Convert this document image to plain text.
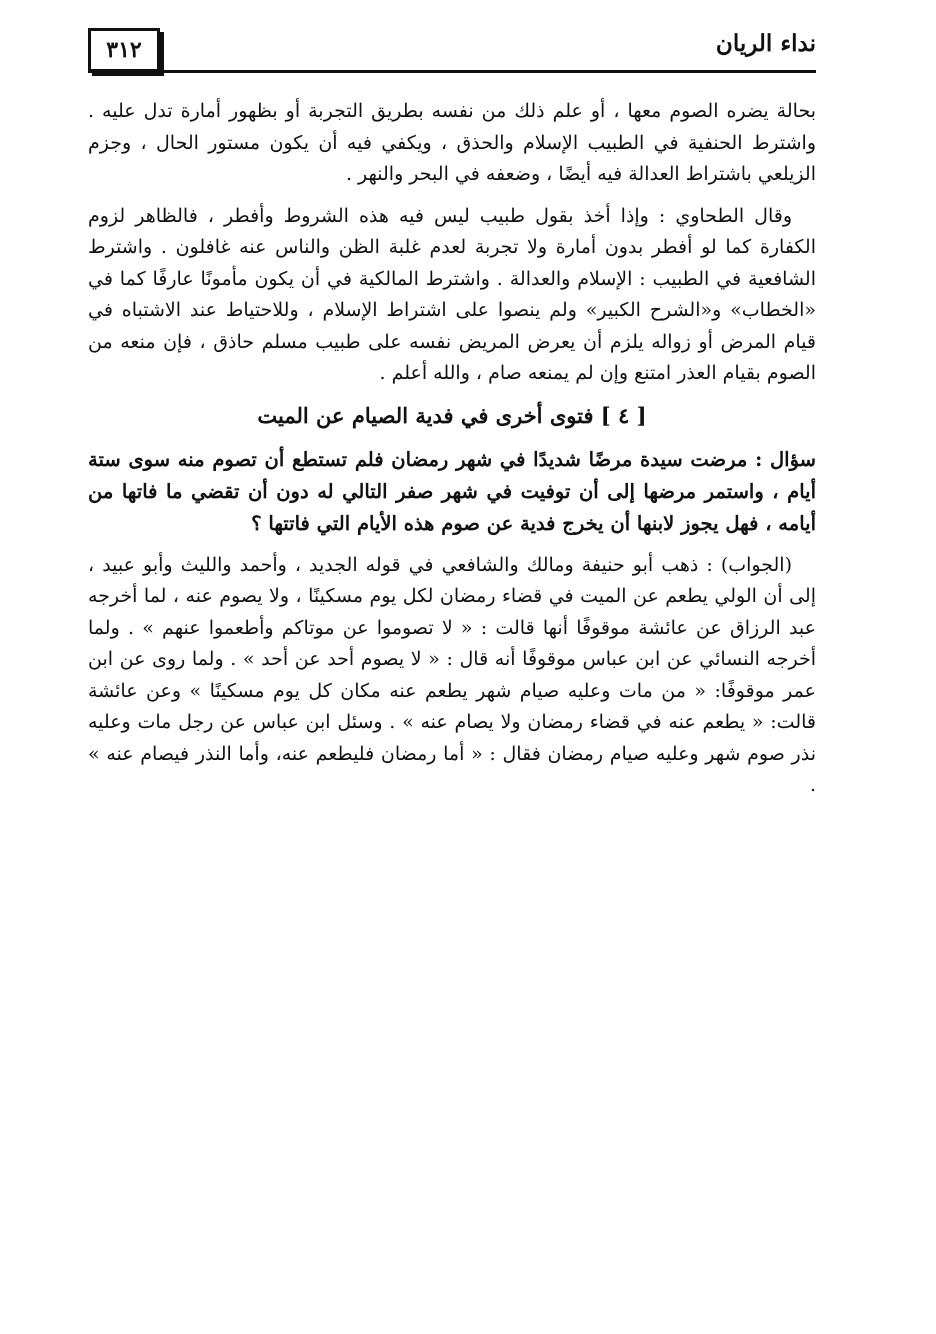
نداء الريان
٣١٢

بحالة يضره الصوم معها ، أو علم ذلك من نفسه بطريق التجربة أو بظهور أمارة تدل عليه . واشترط الحنفية في الطبيب الإسلام والحذق ، ويكفي فيه أن يكون مستور الحال ، وجزم الزيلعي باشتراط العدالة فيه أيضًا ، وضعفه في البحر والنهر .

وقال الطحاوي : وإذا أخذ بقول طبيب ليس فيه هذه الشروط وأفطر ، فالظاهر لزوم الكفارة كما لو أفطر بدون أمارة ولا تجربة لعدم غلبة الظن والناس عنه غافلون . واشترط الشافعية في الطبيب : الإسلام والعدالة . واشترط المالكية في أن يكون مأمونًا عارفًا كما في «الخطاب» و«الشرح الكبير» ولم ينصوا على اشتراط الإسلام ، وللاحتياط عند الاشتباه في قيام المرض أو زواله يلزم أن يعرض المريض نفسه على طبيب مسلم حاذق ، فإن منعه من الصوم بقيام العذر امتنع وإن لم يمنعه صام ، والله أعلم .

[ ٤ ] فتوى أخرى في فدية الصيام عن الميت

سؤال : مرضت سيدة مرضًا شديدًا في شهر رمضان فلم تستطع أن تصوم منه سوى ستة أيام ، واستمر مرضها إلى أن توفيت في شهر صفر التالي له دون أن تقضي ما فاتها من أيامه ، فهل يجوز لابنها أن يخرج فدية عن صوم هذه الأيام التي فاتتها ؟

(الجواب) : ذهب أبو حنيفة ومالك والشافعي في قوله الجديد ، وأحمد والليث وأبو عبيد ، إلى أن الولي يطعم عن الميت في قضاء رمضان لكل يوم مسكينًا ، ولا يصوم عنه ، لما أخرجه عبد الرزاق عن عائشة موقوفًا أنها قالت : « لا تصوموا عن موتاكم وأطعموا عنهم » . ولما أخرجه النسائي عن ابن عباس موقوفًا أنه قال : « لا يصوم أحد عن أحد » . ولما روى عن ابن عمر موقوفًا: « من مات وعليه صيام شهر يطعم عنه مكان كل يوم مسكينًا » وعن عائشة قالت: « يطعم عنه في قضاء رمضان ولا يصام عنه » . وسئل ابن عباس عن رجل مات وعليه نذر صوم شهر وعليه صيام رمضان فقال : « أما رمضان فليطعم عنه، وأما النذر فيصام عنه » .
